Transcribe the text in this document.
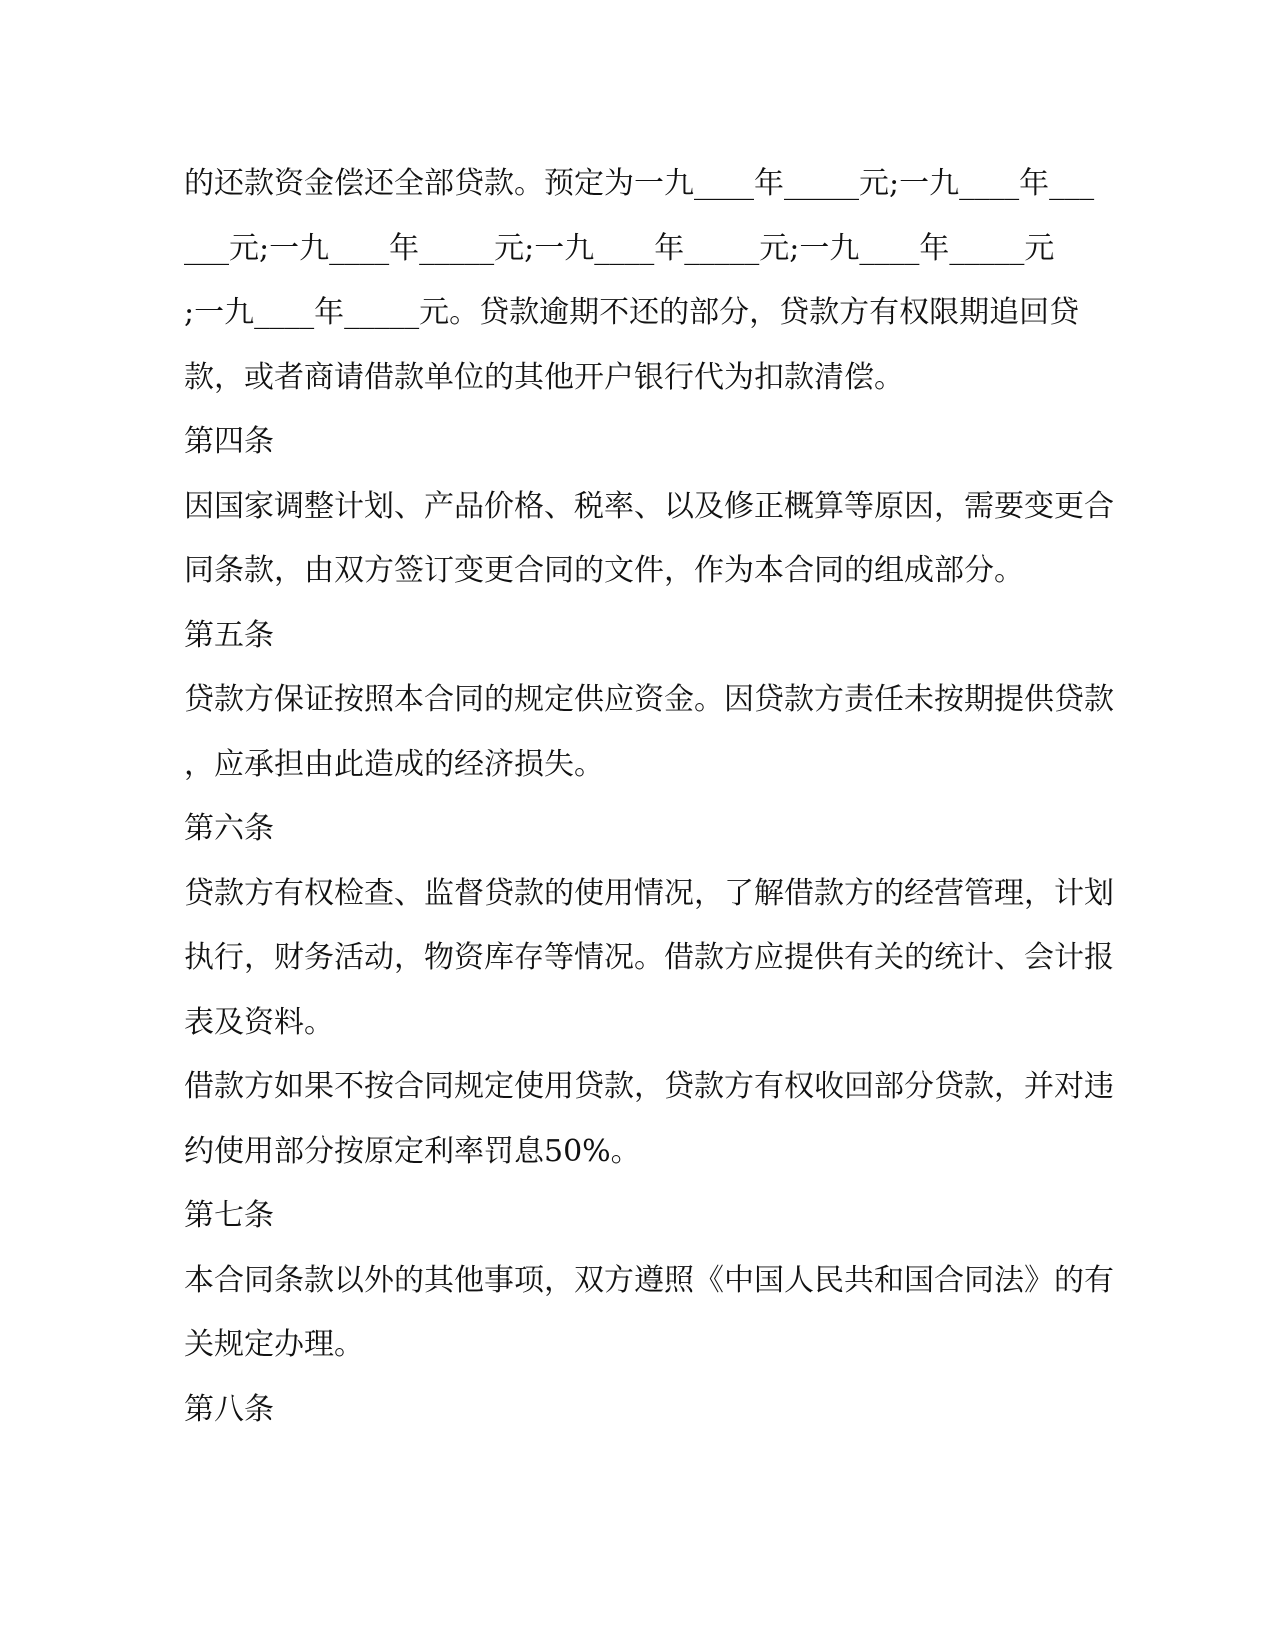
的还款资金偿还全部贷款。预定为一九____年_____元;一九____年___
___元;一九____年_____元;一九____年_____元;一九____年_____元
;一九____年_____元。贷款逾期不还的部分，贷款方有权限期追回贷
款，或者商请借款单位的其他开户银行代为扣款清偿。
第四条
因国家调整计划、产品价格、税率、以及修正概算等原因，需要变更合
同条款，由双方签订变更合同的文件，作为本合同的组成部分。
第五条
贷款方保证按照本合同的规定供应资金。因贷款方责任未按期提供贷款
，应承担由此造成的经济损失。
第六条
贷款方有权检查、监督贷款的使用情况，了解借款方的经营管理，计划
执行，财务活动，物资库存等情况。借款方应提供有关的统计、会计报
表及资料。
借款方如果不按合同规定使用贷款，贷款方有权收回部分贷款，并对违
约使用部分按原定利率罚息50%。
第七条
本合同条款以外的其他事项，双方遵照《中国人民共和国合同法》的有
关规定办理。
第八条
